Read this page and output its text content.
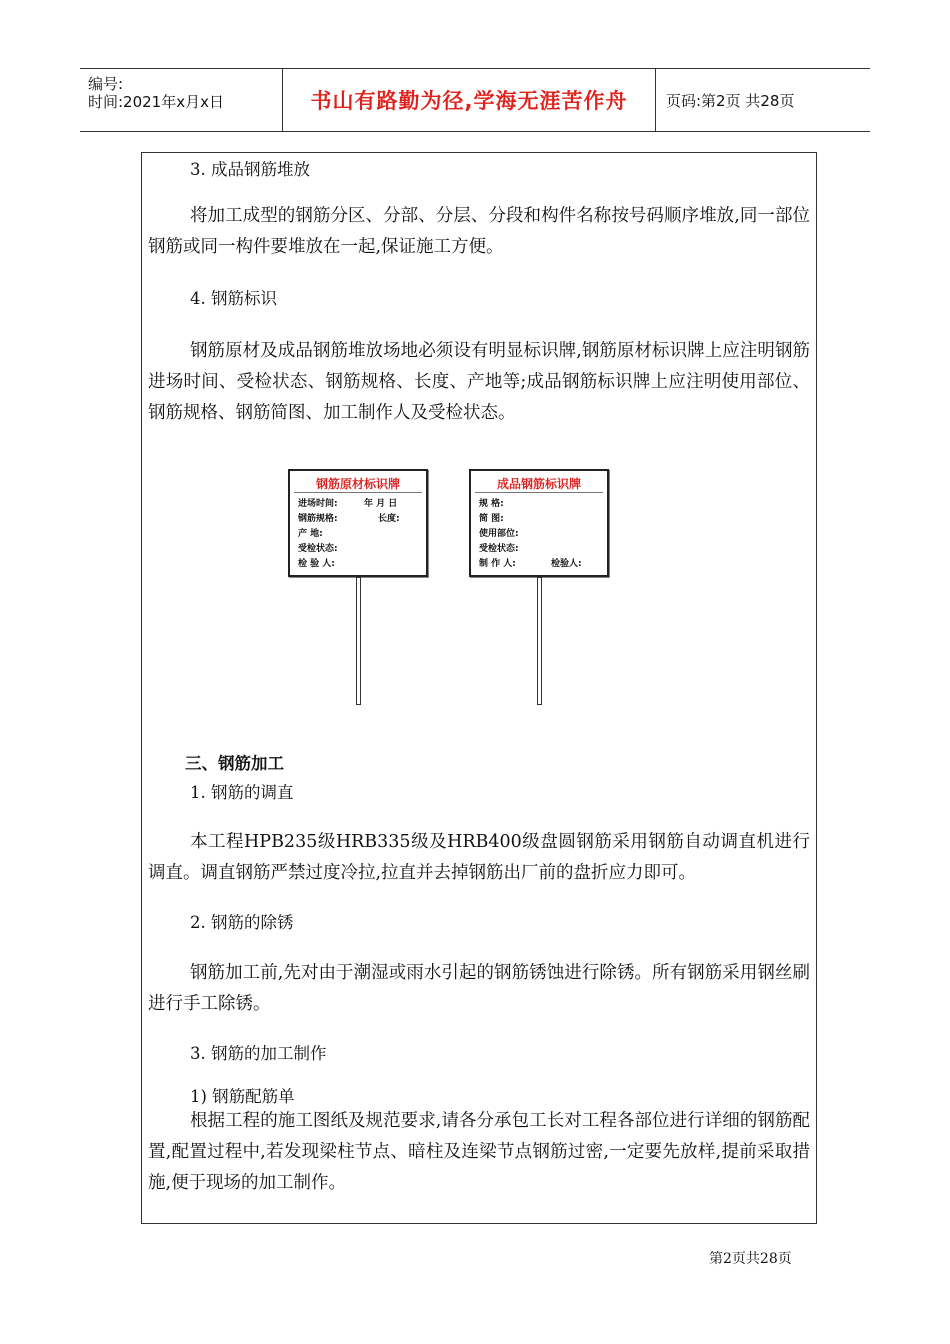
编号:
时间:2021年x月x日	书山有路勤为径,学海无涯苦作舟	页码:第2页 共28页
3. 成品钢筋堆放
将加工成型的钢筋分区、分部、分层、分段和构件名称按号码顺序堆放,同一部位钢筋或同一构件要堆放在一起,保证施工方便。
4. 钢筋标识
钢筋原材及成品钢筋堆放场地必须设有明显标识牌,钢筋原材标识牌上应注明钢筋进场时间、受检状态、钢筋规格、长度、产地等;成品钢筋标识牌上应注明使用部位、钢筋规格、钢筋简图、加工制作人及受检状态。
钢筋原材标识牌
进场时间:	年 月 日
钢筋规格:	长度:
产 地:
受检状态:
检 验 人:
成品钢筋标识牌
规 格:
简 图:
使用部位:
受检状态:
制 作 人:	检验人:
三、钢筋加工
1. 钢筋的调直
本工程HPB235级HRB335级及HRB400级盘圆钢筋采用钢筋自动调直机进行调直。调直钢筋严禁过度冷拉,拉直并去掉钢筋出厂前的盘折应力即可。
2. 钢筋的除锈
钢筋加工前,先对由于潮湿或雨水引起的钢筋锈蚀进行除锈。所有钢筋采用钢丝刷进行手工除锈。
3. 钢筋的加工制作
1) 钢筋配筋单
根据工程的施工图纸及规范要求,请各分承包工长对工程各部位进行详细的钢筋配置,配置过程中,若发现梁柱节点、暗柱及连梁节点钢筋过密,一定要先放样,提前采取措施,便于现场的加工制作。
第2页共28页
